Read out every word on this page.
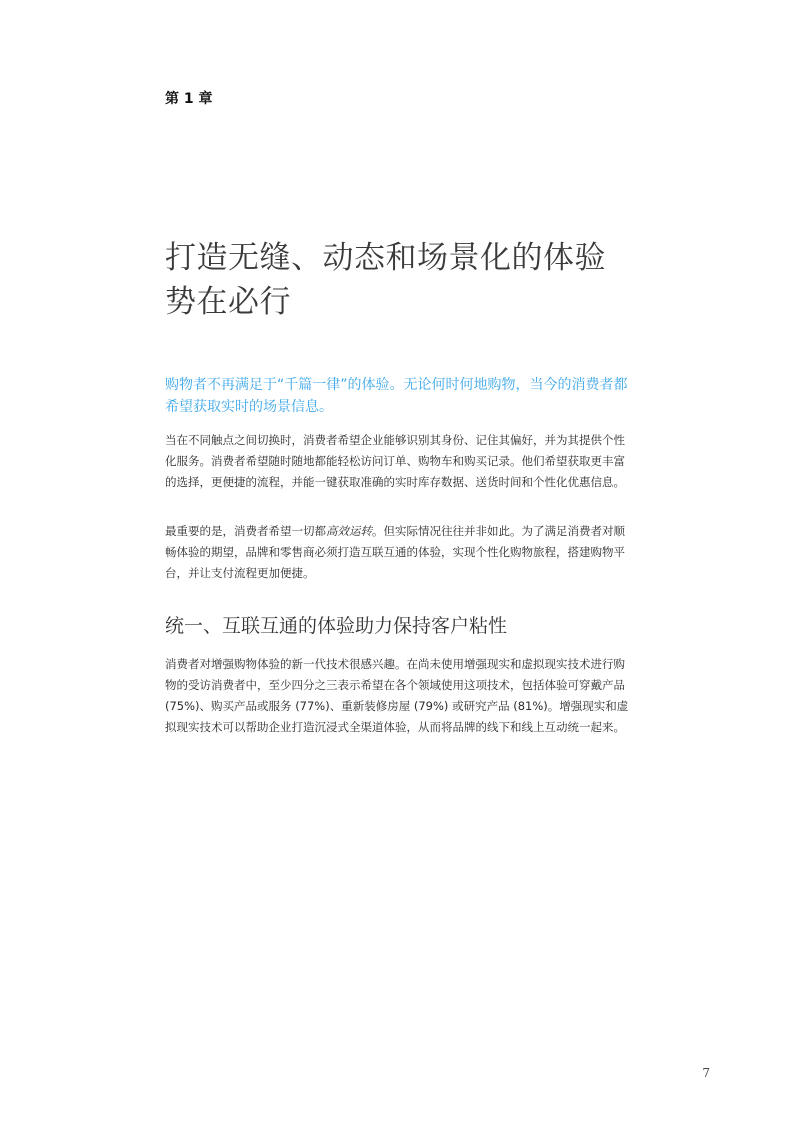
第 1 章
打造无缝、动态和场景化的体验势在必行

购物者不再满足于“千篇一律”的体验。无论何时何地购物，当今的消费者都希望获取实时的场景信息。

当在不同触点之间切换时，消费者希望企业能够识别其身份、记住其偏好，并为其提供个性化服务。消费者希望随时随地都能轻松访问订单、购物车和购买记录。他们希望获取更丰富的选择，更便捷的流程，并能一键获取准确的实时库存数据、送货时间和个性化优惠信息。

最重要的是，消费者希望一切都高效运转。但实际情况往往并非如此。为了满足消费者对顺畅体验的期望，品牌和零售商必须打造互联互通的体验，实现个性化购物旅程，搭建购物平台，并让支付流程更加便捷。

统一、互联互通的体验助力保持客户粘性

消费者对增强购物体验的新一代技术很感兴趣。在尚未使用增强现实和虚拟现实技术进行购物的受访消费者中，至少四分之三表示希望在各个领域使用这项技术，包括体验可穿戴产品 (75%)、购买产品或服务 (77%)、重新装修房屋 (79%) 或研究产品 (81%)。增强现实和虚拟现实技术可以帮助企业打造沉浸式全渠道体验，从而将品牌的线下和线上互动统一起来。

7
